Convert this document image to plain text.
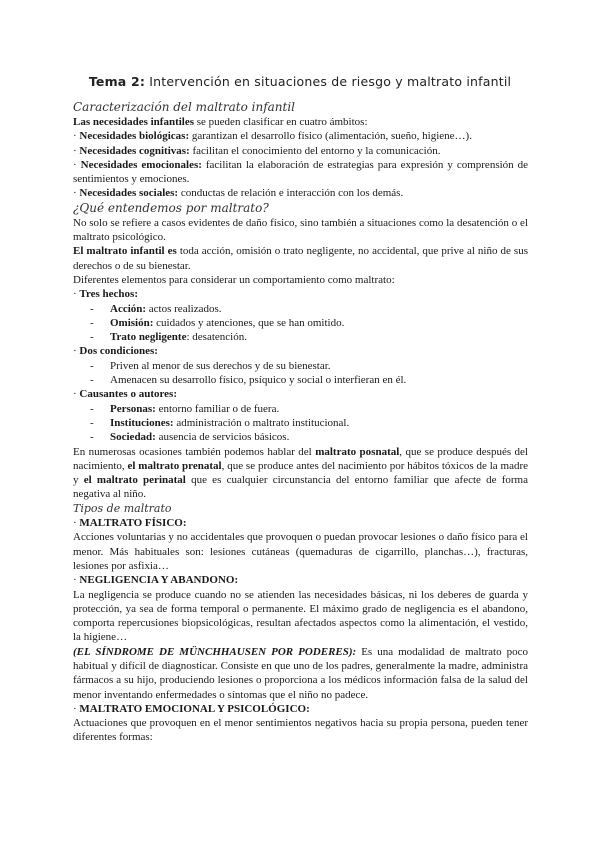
Tema 2: Intervención en situaciones de riesgo y maltrato infantil

Caracterización del maltrato infantil

Las necesidades infantiles se pueden clasificar en cuatro ámbitos:

· Necesidades biológicas: garantizan el desarrollo físico (alimentación, sueño, higiene…).

· Necesidades cognitivas: facilitan el conocimiento del entorno y la comunicación.

· Necesidades emocionales: facilitan la elaboración de estrategias para expresión y comprensión de sentimientos y emociones.

· Necesidades sociales: conductas de relación e interacción con los demás.

¿Qué entendemos por maltrato?

No solo se refiere a casos evidentes de daño físico, sino también a situaciones como la desatención o el maltrato psicológico.

El maltrato infantil es toda acción, omisión o trato negligente, no accidental, que prive al niño de sus derechos o de su bienestar.

Diferentes elementos para considerar un comportamiento como maltrato:

· Tres hechos:

- Acción: actos realizados.

- Omisión: cuidados y atenciones, que se han omitido.

- Trato negligente: desatención.

· Dos condiciones:

- Priven al menor de sus derechos y de su bienestar.

- Amenacen su desarrollo físico, psíquico y social o interfieran en él.

· Causantes o autores:

- Personas: entorno familiar o de fuera.

- Instituciones: administración o maltrato institucional.

- Sociedad: ausencia de servicios básicos.

En numerosas ocasiones también podemos hablar del maltrato posnatal, que se produce después del nacimiento, el maltrato prenatal, que se produce antes del nacimiento por hábitos tóxicos de la madre y el maltrato perinatal que es cualquier circunstancia del entorno familiar que afecte de forma negativa al niño.

Tipos de maltrato

· MALTRATO FÍSICO:

Acciones voluntarias y no accidentales que provoquen o puedan provocar lesiones o daño físico para el menor. Más habituales son: lesiones cutáneas (quemaduras de cigarrillo, planchas…), fracturas, lesiones por asfixia…

· NEGLIGENCIA Y ABANDONO:

La negligencia se produce cuando no se atienden las necesidades básicas, ni los deberes de guarda y protección, ya sea de forma temporal o permanente. El máximo grado de negligencia es el abandono, comporta repercusiones biopsicológicas, resultan afectados aspectos como la alimentación, el vestido, la higiene…

(EL SÍNDROME DE MÜNCHHAUSEN POR PODERES): Es una modalidad de maltrato poco habitual y difícil de diagnosticar. Consiste en que uno de los padres, generalmente la madre, administra fármacos a su hijo, produciendo lesiones o proporciona a los médicos información falsa de la salud del menor inventando enfermedades o síntomas que el niño no padece.

· MALTRATO EMOCIONAL Y PSICOLÓGICO:

Actuaciones que provoquen en el menor sentimientos negativos hacia su propia persona, pueden tener diferentes formas:
